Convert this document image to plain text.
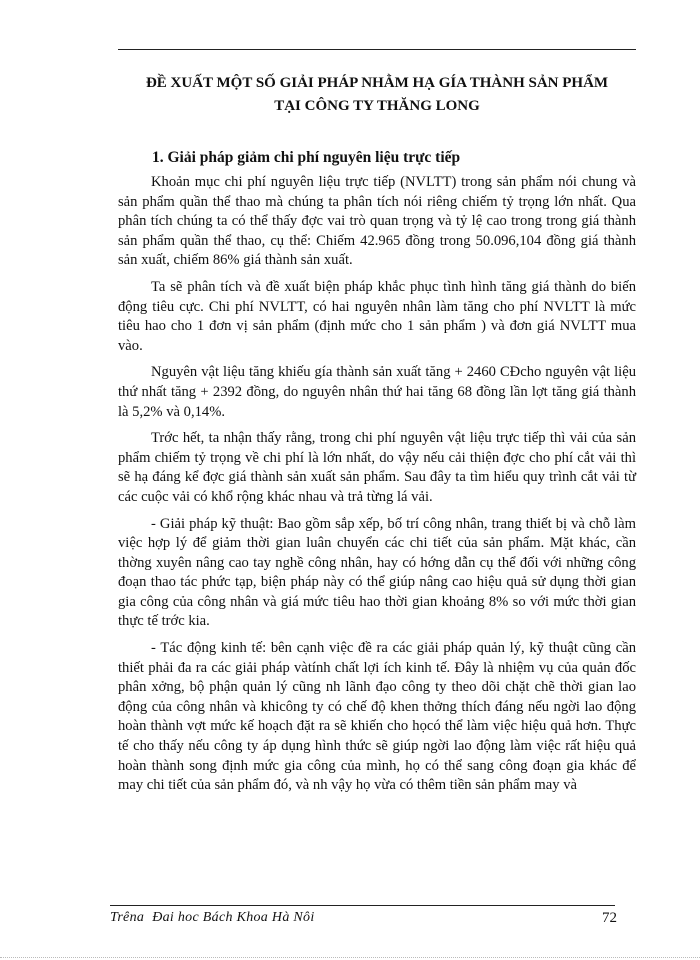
ĐỀ XUẤT MỘT SỐ GIẢI PHÁP NHẰM HẠ GÍA THÀNH SẢN PHẨM
TẠI CÔNG TY THĂNG LONG
1. Giải pháp giảm chi phí nguyên liệu trực tiếp

Khoản mục chi phí nguyên liệu trực tiếp (NVLTT) trong sản phẩm nói chung và sản phẩm quần thể thao mà chúng ta phân tích nói riêng chiếm tỷ trọng lớn nhất. Qua phân tích chúng ta có thể thấy đợc vai trò quan trọng và tỷ lệ cao trong trong giá thành sản phẩm quần thể thao, cụ thể: Chiếm 42.965 đồng trong 50.096,104 đồng giá thành sản xuất, chiếm 86% giá thành sản xuất.

Ta sẽ phân tích và đề xuất biện pháp khắc phục tình hình tăng giá thành do biến động tiêu cực. Chi phí NVLTT, có hai nguyên nhân làm tăng cho phí NVLTT là mức tiêu hao cho 1 đơn vị sản phẩm (định mức cho 1 sản phẩm ) và đơn giá NVLTT mua vào.

Nguyên vật liệu tăng khiếu gía thành sản xuất tăng + 2460 CĐcho nguyên vật liệu thứ nhất tăng + 2392 đồng, do nguyên nhân thứ hai tăng 68 đồng lần lợt tăng giá thành là 5,2% và 0,14%.

Trớc hết, ta nhận thấy rằng, trong chi phí nguyên vật liệu trực tiếp thì vải của sản phẩm chiếm tỷ trọng về chi phí là lớn nhất, do vậy nếu cải thiện đợc cho phí cắt vải thì sẽ hạ đáng kể đợc giá thành sản xuất sản phẩm. Sau đây ta tìm hiểu quy trình cắt vải từ các cuộc vải có khổ rộng khác nhau và trả từng lá vải.

- Giải pháp kỹ thuật: Bao gồm sắp xếp, bố trí công nhân, trang thiết bị và chỗ làm việc hợp lý để giảm thời gian luân chuyển các chi tiết của sản phẩm. Mặt khác, cần thờng xuyên nâng cao tay nghề công nhân, hay có hớng dẫn cụ thể đối với những công đoạn thao tác phức tạp, biện pháp này có thể giúp nâng cao hiệu quả sử dụng thời gian gia công của công nhân và giá mức tiêu hao thời gian khoảng 8% so với mức thời gian thực tế trớc kia.

- Tác động kinh tế: bên cạnh việc đề ra các giải pháp quản lý, kỹ thuật cũng cần thiết phải đa ra các giải pháp vàtính chất lợi ích kinh tế. Đây là nhiệm vụ của quản đốc phân xởng, bộ phận quản lý cũng nh lãnh đạo công ty theo dõi chặt chẽ thời gian lao động của công nhân và khicông ty có chế độ khen thởng thích đáng nếu ngời lao động hoàn thành vợt mức kế hoạch đặt ra sẽ khiến cho họcó thể làm việc hiệu quả hơn. Thực tế cho thấy nếu công ty áp dụng hình thức sẽ giúp ngời lao động làm việc rất hiệu quả hoàn thành song định mức gia công của mình, họ có thể sang công đoạn gia khác để may chi tiết của sản phẩm đó, và nh vậy họ vừa có thêm tiền sản phẩm may và

Trêna Đai hoc Bách Khoa Hà Nôi	72
